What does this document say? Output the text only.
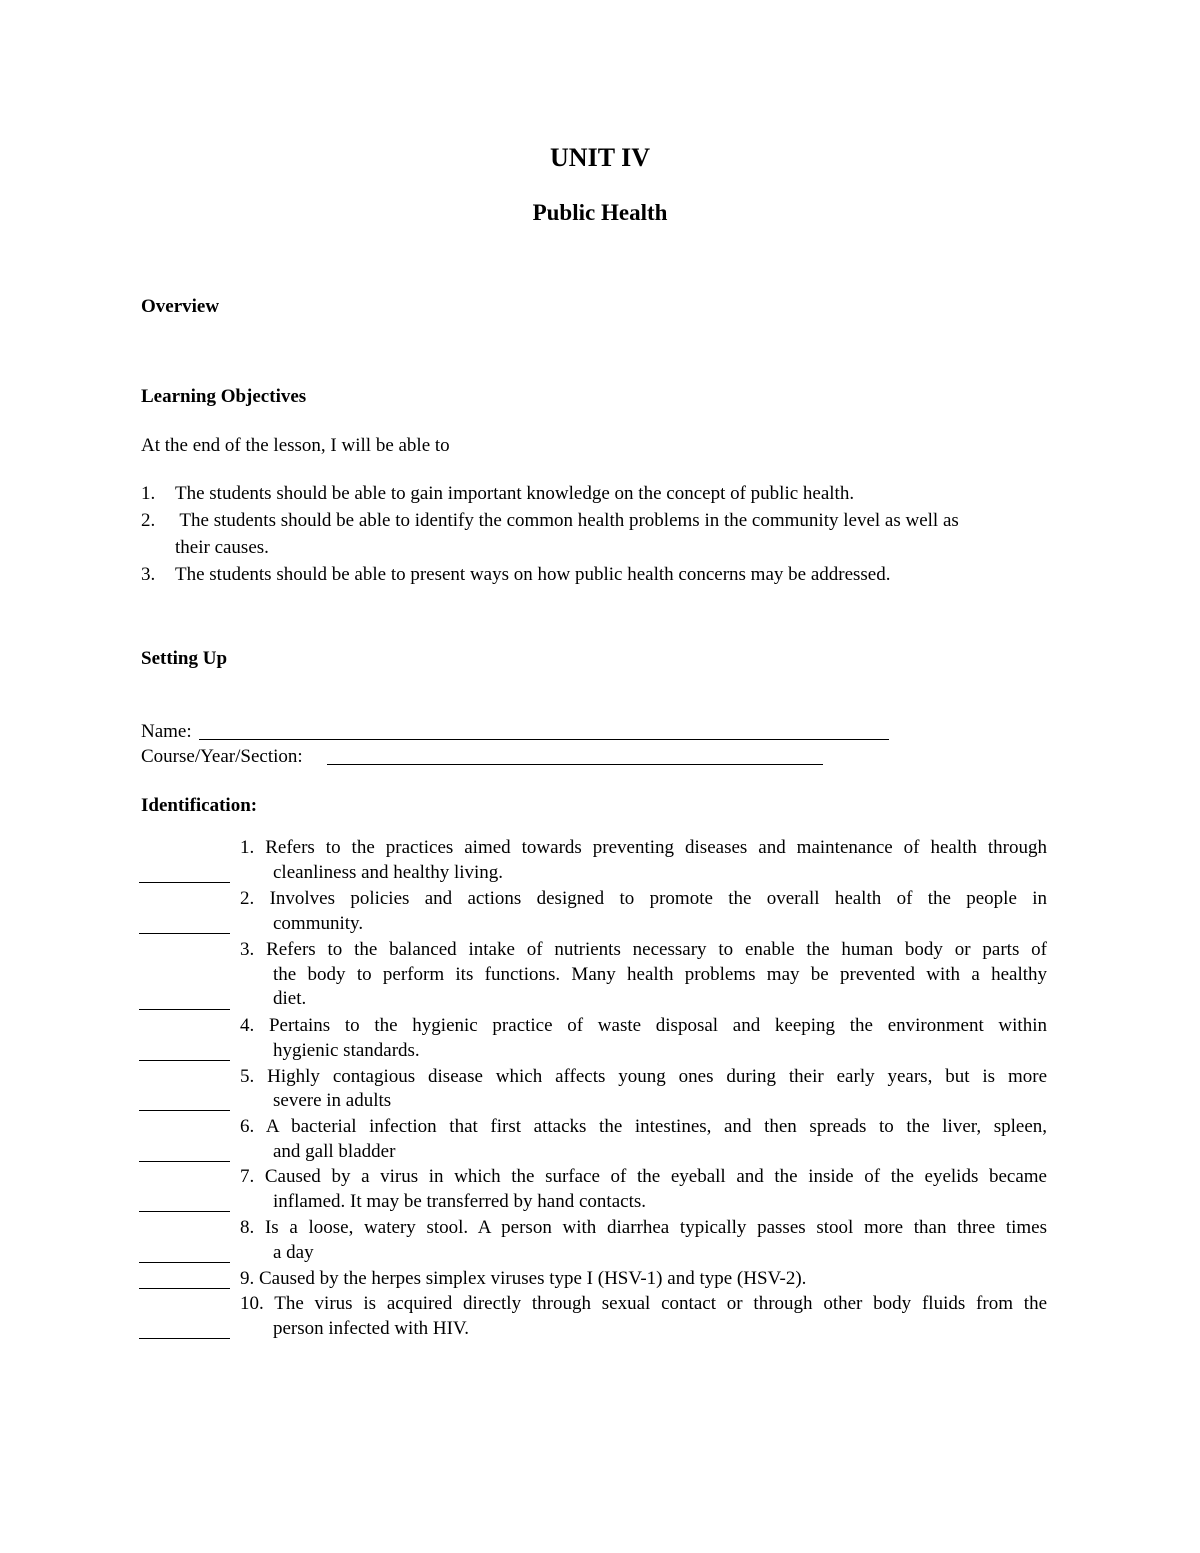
UNIT IV
Public Health
Overview
Learning Objectives
At the end of the lesson, I will be able to
1. The students should be able to gain important knowledge on the concept of public health.
2. The students should be able to identify the common health problems in the community level as well as
their causes.
3. The students should be able to present ways on how public health concerns may be addressed.
Setting Up
Name:
Course/Year/Section:
Identification:
1. Refers to the practices aimed towards preventing diseases and maintenance of health through
cleanliness and healthy living.
2. Involves policies and actions designed to promote the overall health of the people in
community.
3. Refers to the balanced intake of nutrients necessary to enable the human body or parts of
the body to perform its functions. Many health problems may be prevented with a healthy
diet.
4. Pertains to the hygienic practice of waste disposal and keeping the environment within
hygienic standards.
5. Highly contagious disease which affects young ones during their early years, but is more
severe in adults
6. A bacterial infection that first attacks the intestines, and then spreads to the liver, spleen,
and gall bladder
7. Caused by a virus in which the surface of the eyeball and the inside of the eyelids became
inflamed. It may be transferred by hand contacts.
8. Is a loose, watery stool. A person with diarrhea typically passes stool more than three times
a day
9. Caused by the herpes simplex viruses type I (HSV-1) and type (HSV-2).
10. The virus is acquired directly through sexual contact or through other body fluids from the
person infected with HIV.
